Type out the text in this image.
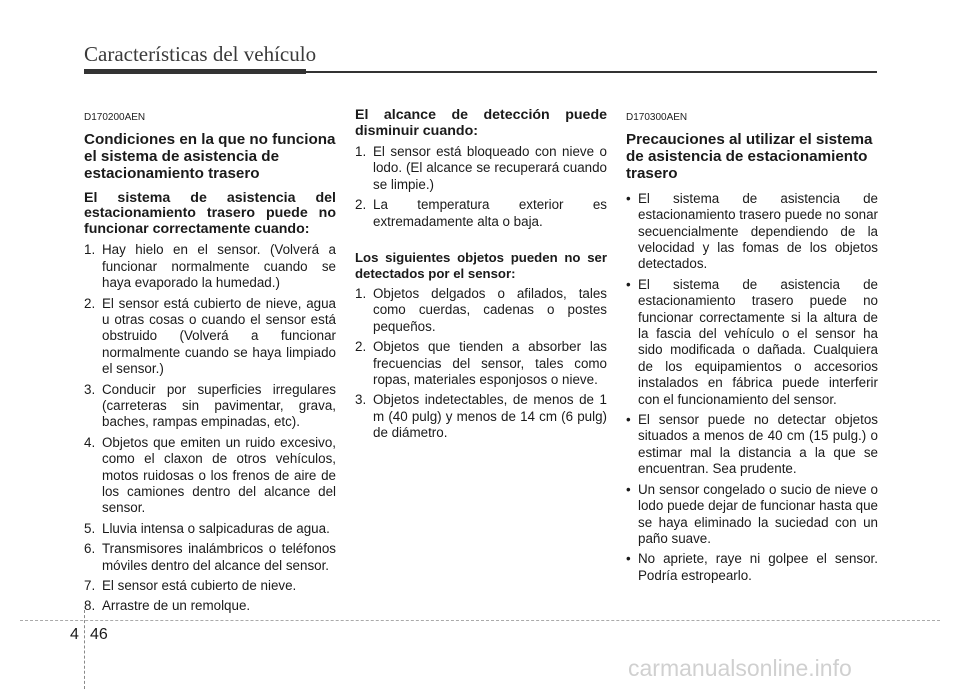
Características del vehículo
D170200AEN
Condiciones en la que no funciona el sistema de asistencia de estacionamiento trasero
El sistema de asistencia del estacionamiento trasero puede no funcionar correctamente cuando:
1. Hay hielo en el sensor. (Volverá a funcionar normalmente cuando se haya evaporado la humedad.)
2. El sensor está cubierto de nieve, agua u otras cosas o cuando el sensor está obstruido (Volverá a funcionar normalmente cuando se haya limpiado el sensor.)
3. Conducir por superficies irregulares (carreteras sin pavimentar, grava, baches, rampas empinadas, etc).
4. Objetos que emiten un ruido excesivo, como el claxon de otros vehículos, motos ruidosas o los frenos de aire de los camiones dentro del alcance del sensor.
5. Lluvia intensa o salpicaduras de agua.
6. Transmisores inalámbricos o teléfonos móviles dentro del alcance del sensor.
7. El sensor está cubierto de nieve.
8. Arrastre de un remolque.
El alcance de detección puede disminuir cuando:
1. El sensor está bloqueado con nieve o lodo. (El alcance se recuperará cuando se limpie.)
2. La temperatura exterior es extremadamente alta o baja.
Los siguientes objetos pueden no ser detectados por el sensor:
1. Objetos delgados o afilados, tales como cuerdas, cadenas o postes pequeños.
2. Objetos que tienden a absorber las frecuencias del sensor, tales como ropas, materiales esponjosos o nieve.
3. Objetos indetectables, de menos de 1 m (40 pulg) y menos de 14 cm (6 pulg) de diámetro.
D170300AEN
Precauciones al utilizar el sistema de asistencia de estacionamiento trasero
• El sistema de asistencia de estacionamiento trasero puede no sonar secuencialmente dependiendo de la velocidad y las fomas de los objetos detectados.
• El sistema de asistencia de estacionamiento trasero puede no funcionar correctamente si la altura de la fascia del vehículo o el sensor ha sido modificada o dañada. Cualquiera de los equipamientos o accesorios instalados en fábrica puede interferir con el funcionamiento del sensor.
• El sensor puede no detectar objetos situados a menos de 40 cm (15 pulg.) o estimar mal la distancia a la que se encuentran. Sea prudente.
• Un sensor congelado o sucio de nieve o lodo puede dejar de funcionar hasta que se haya eliminado la suciedad con un paño suave.
• No apriete, raye ni golpee el sensor. Podría estropearlo.
4 46
carmanualsonline.info
